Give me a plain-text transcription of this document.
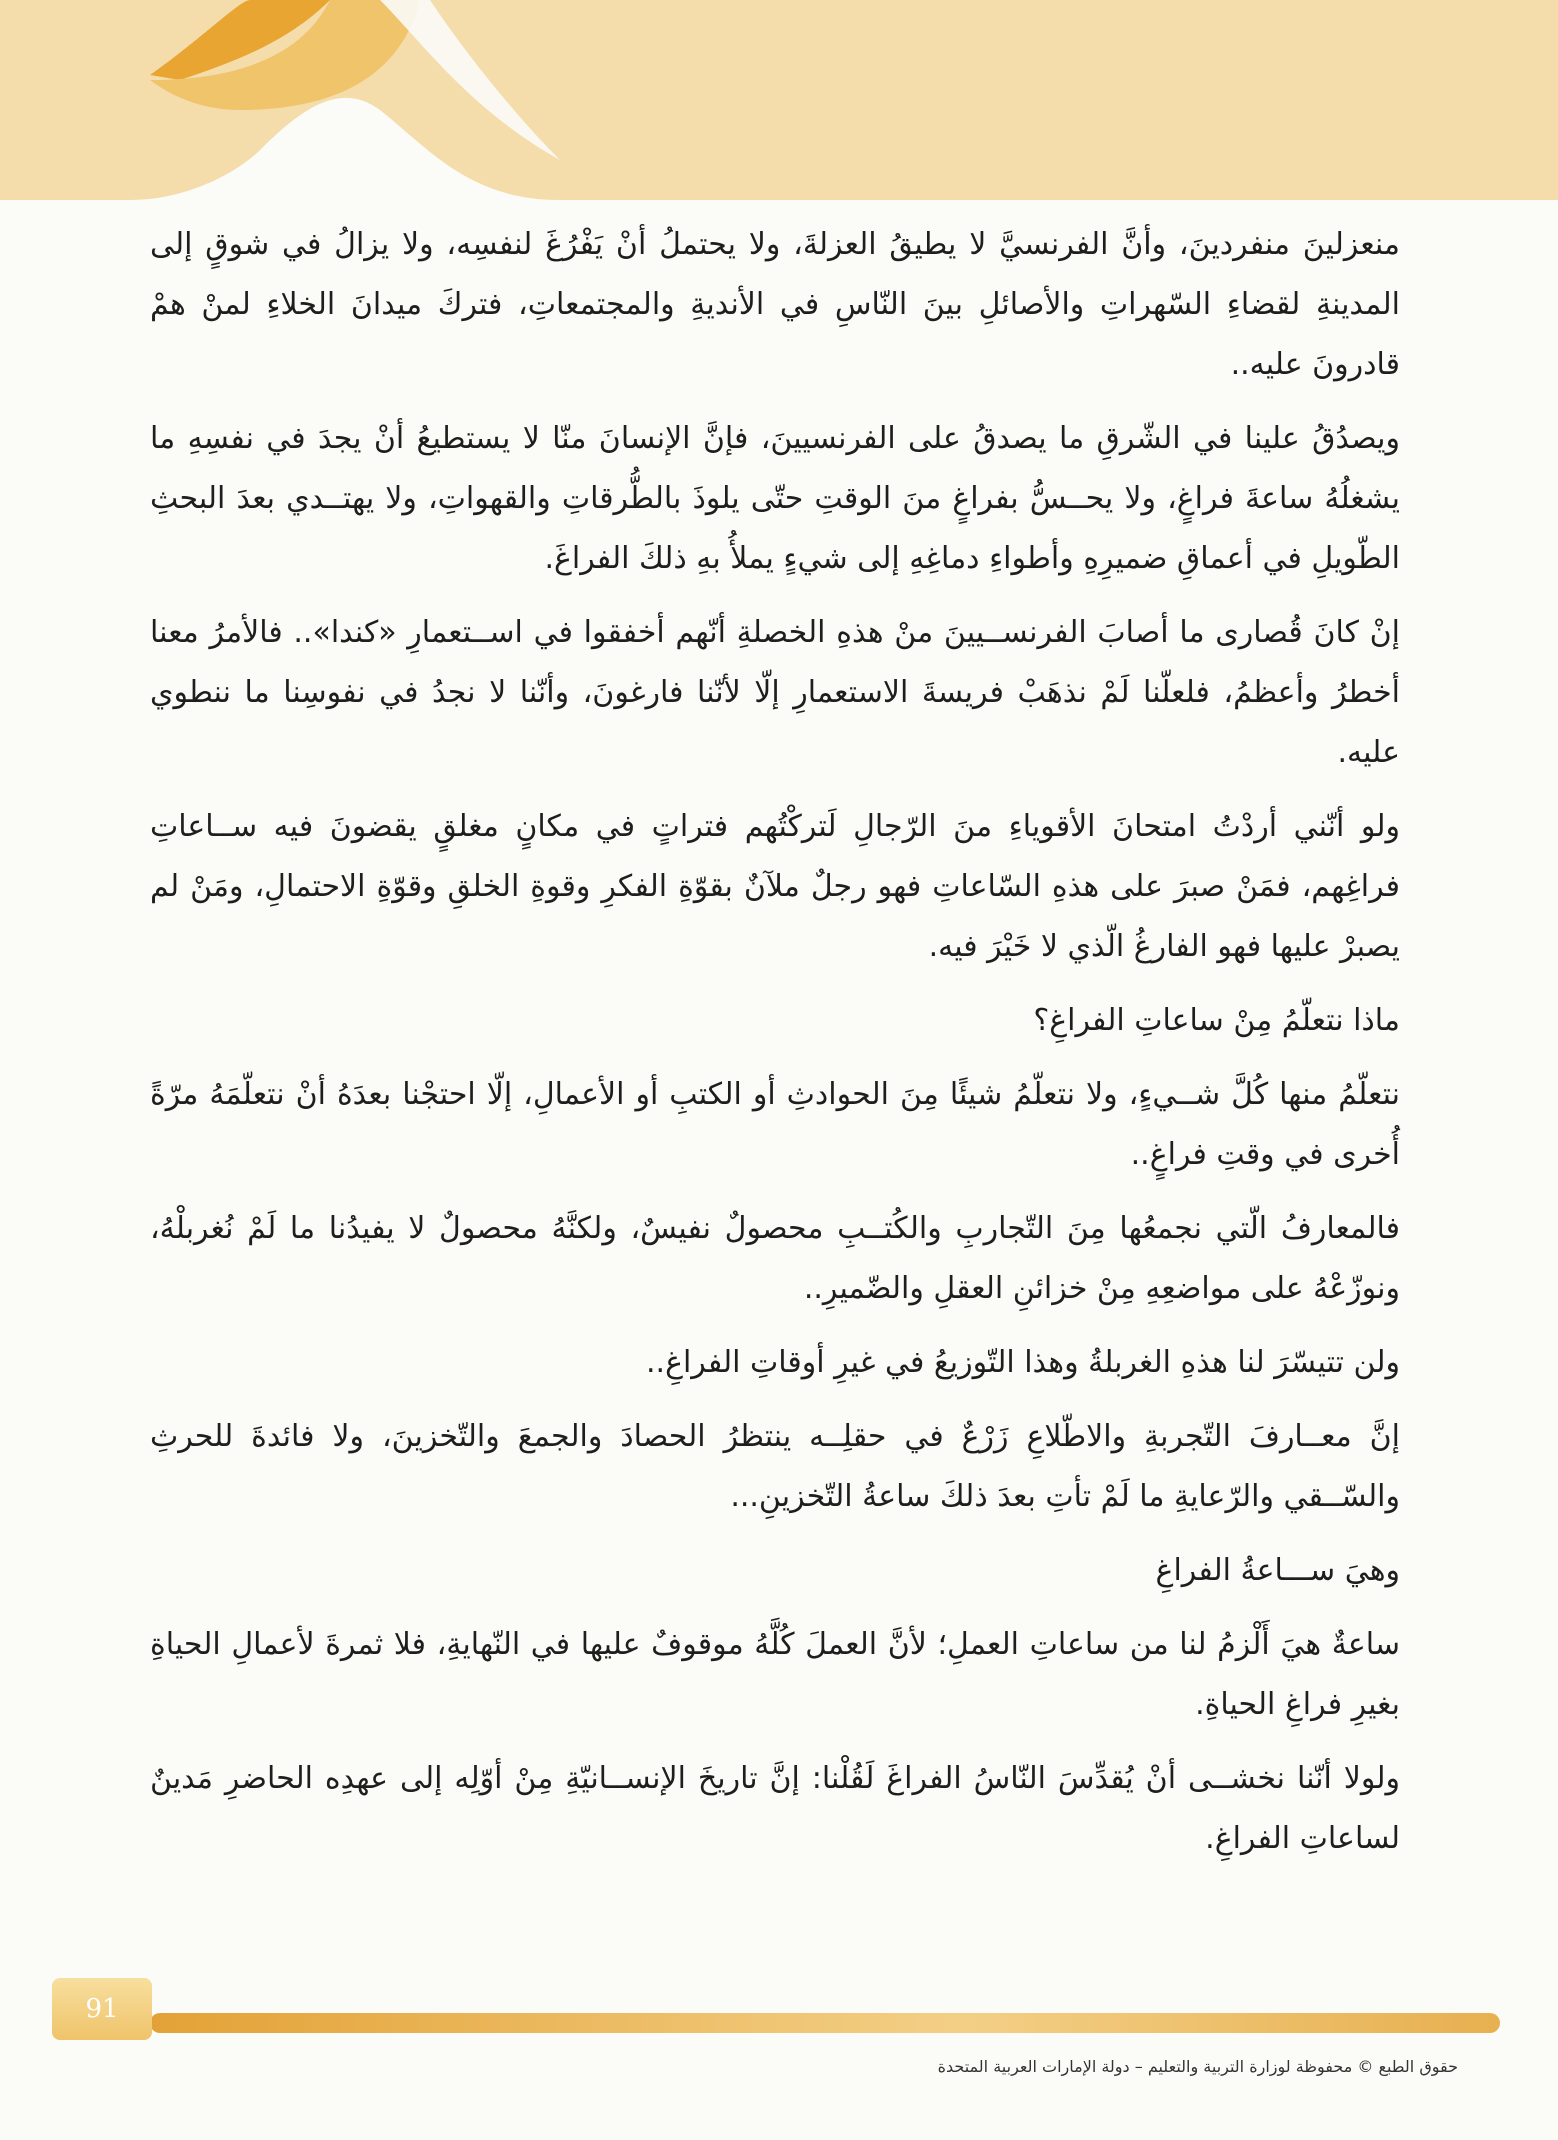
منعزلينَ منفردينَ، وأنَّ الفرنسيَّ لا يطيقُ العزلةَ، ولا يحتملُ أنْ يَفْرُغَ لنفسِه، ولا يزالُ في شوقٍ إلى المدينةِ لقضاءِ السّهراتِ والأصائلِ بينَ النّاسِ في الأنديةِ والمجتمعاتِ، فتركَ ميدانَ الخلاءِ لمنْ همْ قادرونَ عليه..

ويصدُقُ علينا في الشّرقِ ما يصدقُ على الفرنسيينَ، فإنَّ الإنسانَ منّا لا يستطيعُ أنْ يجدَ في نفسِهِ ما يشغلُهُ ساعةَ فراغٍ، ولا يحــسُّ بفراغٍ منَ الوقتِ حتّى يلوذَ بالطُّرقاتِ والقهواتِ، ولا يهتــدي بعدَ البحثِ الطّويلِ في أعماقِ ضميرِهِ وأطواءِ دماغِهِ إلى شيءٍ يملأُ بهِ ذلكَ الفراغَ.

إنْ كانَ قُصارى ما أصابَ الفرنســيينَ منْ هذهِ الخصلةِ أنّهم أخفقوا في اســتعمارِ «كندا».. فالأمرُ معنا أخطرُ وأعظمُ، فلعلّنا لَمْ نذهَبْ فريسةَ الاستعمارِ إلّا لأنّنا فارغونَ، وأنّنا لا نجدُ في نفوسِنا ما ننطوي عليه.

ولو أنّني أردْتُ امتحانَ الأقوياءِ منَ الرّجالِ لَتركْتُهم فتراتٍ في مكانٍ مغلقٍ يقضونَ فيه ســاعاتِ فراغِهم، فمَنْ صبرَ على هذهِ السّاعاتِ فهو رجلٌ ملآنٌ بقوّةِ الفكرِ وقوةِ الخلقِ وقوّةِ الاحتمالِ، ومَنْ لم يصبرْ عليها فهو الفارغُ الّذي لا خَيْرَ فيه.

ماذا نتعلّمُ مِنْ ساعاتِ الفراغِ؟

نتعلّمُ منها كُلَّ شــيءٍ، ولا نتعلّمُ شيئًا مِنَ الحوادثِ أو الكتبِ أو الأعمالِ، إلّا احتجْنا بعدَهُ أنْ نتعلّمَهُ مرّةً أُخرى في وقتِ فراغٍ..

فالمعارفُ الّتي نجمعُها مِنَ التّجاربِ والكُتــبِ محصولٌ نفيسٌ، ولكنَّهُ محصولٌ لا يفيدُنا ما لَمْ نُغربلْهُ، ونوزّعْهُ على مواضعِهِ مِنْ خزائنِ العقلِ والضّميرِ..

ولن تتيسّرَ لنا هذهِ الغربلةُ وهذا التّوزيعُ في غيرِ أوقاتِ الفراغِ..

إنَّ معــارفَ التّجربةِ والاطّلاعِ زَرْعٌ في حقلِــه ينتظرُ الحصادَ والجمعَ والتّخزينَ، ولا فائدةَ للحرثِ والسّــقي والرّعايةِ ما لَمْ تأتِ بعدَ ذلكَ ساعةُ التّخزينِ...

وهيَ ســـاعةُ الفراغِ

ساعةٌ هيَ أَلْزمُ لنا من ساعاتِ العملِ؛ لأنَّ العملَ كُلَّهُ موقوفٌ عليها في النّهايةِ، فلا ثمرةَ لأعمالِ الحياةِ بغيرِ فراغِ الحياةِ.

ولولا أنّنا نخشــى أنْ يُقدِّسَ النّاسُ الفراغَ لَقُلْنا: إنَّ تاريخَ الإنســانيّةِ مِنْ أوّلِه إلى عهدِه الحاضرِ مَدينٌ لساعاتِ الفراغِ.

91
حقوق الطبع © محفوظة لوزارة التربية والتعليم – دولة الإمارات العربية المتحدة
